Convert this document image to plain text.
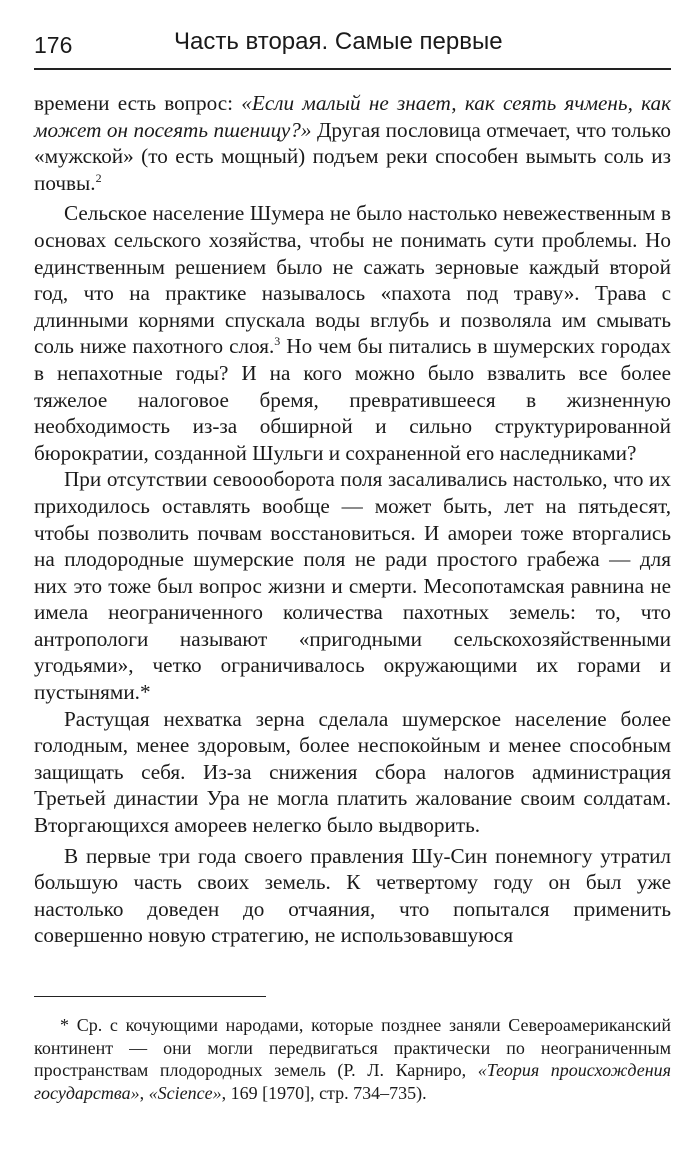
176	Часть вторая. Самые первые

времени есть вопрос: «Если малый не знает, как сеять ячмень, как может он посеять пшеницу?» Другая пословица отмечает, что только «мужской» (то есть мощный) подъем реки способен вымыть соль из почвы.$^2$

Сельское население Шумера не было настолько невежественным в основах сельского хозяйства, чтобы не понимать сути проблемы. Но единственным решением было не сажать зерновые каждый второй год, что на практике называлось «пахота под траву». Трава с длинными корнями спускала воды вглубь и позволяла им смывать соль ниже пахотного слоя.$^3$ Но чем бы питались в шумерских городах в непахотные годы? И на кого можно было взвалить все более тяжелое налоговое бремя, превратившееся в жизненную необходимость из-за обширной и сильно структурированной бюрократии, созданной Шульги и сохраненной его наследниками?

При отсутствии севоооборота поля засаливались настолько, что их приходилось оставлять вообще — может быть, лет на пятьдесят, чтобы позволить почвам восстановиться. И амореи тоже вторгались на плодородные шумерские поля не ради простого грабежа — для них это тоже был вопрос жизни и смерти. Месопотамская равнина не имела неограниченного количества пахотных земель: то, что антропологи называют «пригодными сельскохозяйственными угодьями», четко ограничивалось окружающими их горами и пустынями.*

Растущая нехватка зерна сделала шумерское население более голодным, менее здоровым, более неспокойным и менее способным защищать себя. Из-за снижения сбора налогов администрация Третьей династии Ура не могла платить жалование своим солдатам. Вторгающихся амореев нелегко было выдворить.

В первые три года своего правления Шу-Син понемногу утратил большую часть своих земель. К четвертому году он был уже настолько доведен до отчаяния, что попытался применить совершенно новую стратегию, не использовавшуюся

* Ср. с кочующими народами, которые позднее заняли Североамериканский континент — они могли передвигаться практически по неограниченным пространствам плодородных земель (Р. Л. Карниро, «Теория происхождения государства», «Science», 169 [1970], стр. 734–735).
